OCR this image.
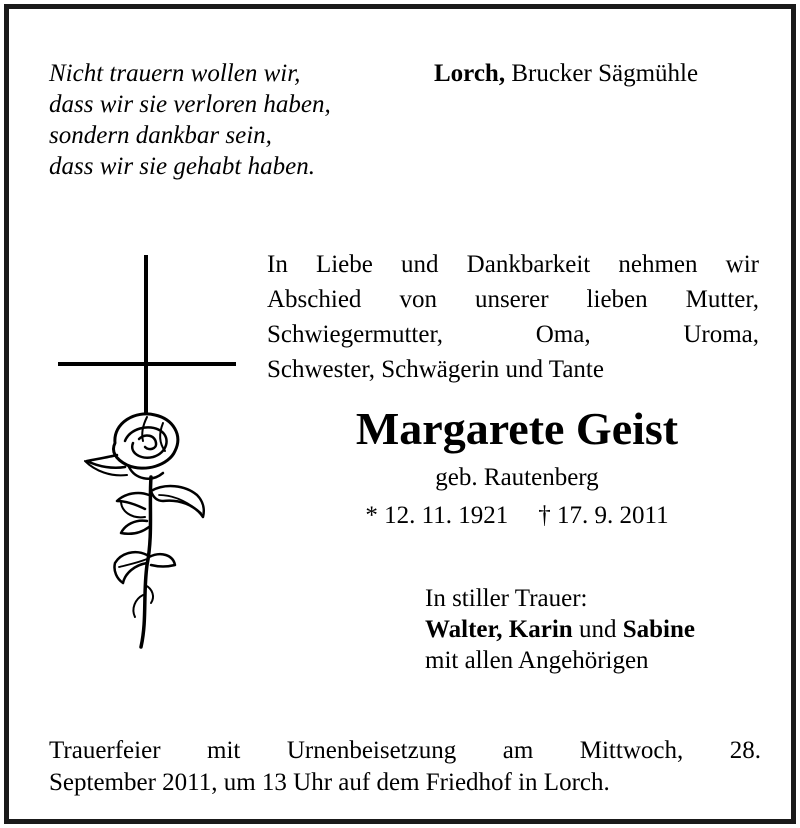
Nicht trauern wollen wir,
dass wir sie verloren haben,
sondern dankbar sein,
dass wir sie gehabt haben.
Lorch, Brucker Sägmühle
In Liebe und Dankbarkeit nehmen wir
Abschied von unserer lieben Mutter,
Schwiegermutter,	Oma,	Uroma,
Schwester, Schwägerin und Tante
Margarete Geist
geb. Rautenberg
* 12. 11. 1921 † 17. 9. 2011
In stiller Trauer:
Walter, Karin und Sabine
mit allen Angehörigen
Trauerfeier mit Urnenbeisetzung am Mittwoch, 28.
September 2011, um 13 Uhr auf dem Friedhof in Lorch.
